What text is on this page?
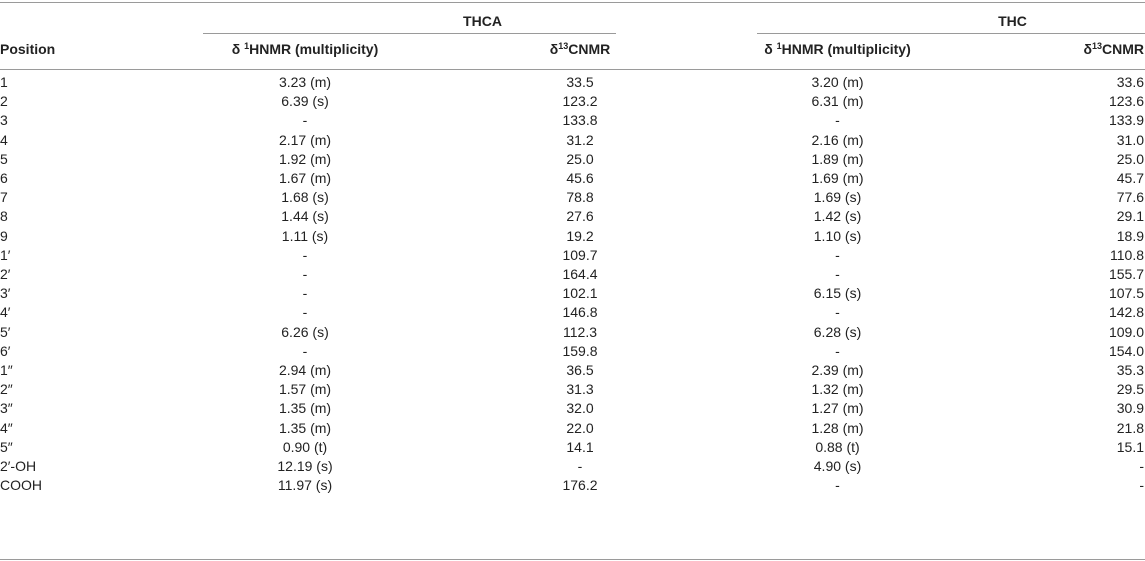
	THCA		THC	
Position	δ $^1$HNMR (multiplicity)	$\delta^{13}CNMR$	δ $^1$HNMR (multiplicity)	$\delta^{13}CNMR$

1	3.23 (m)	33.5	3.20 (m)	33.6
2	6.39 (s)	123.2	6.31 (m)	123.6
3	-	133.8	-	133.9
4	2.17 (m)	31.2	2.16 (m)	31.0
5	1.92 (m)	25.0	1.89 (m)	25.0
6	1.67 (m)	45.6	1.69 (m)	45.7
7	1.68 (s)	78.8	1.69 (s)	77.6
8	1.44 (s)	27.6	1.42 (s)	29.1
9	1.11 (s)	19.2	1.10 (s)	18.9
1′	-	109.7	-	110.8
2′	-	164.4	-	155.7
3′	-	102.1	6.15 (s)	107.5
4′	-	146.8	-	142.8
5′	6.26 (s)	112.3	6.28 (s)	109.0
6′	-	159.8	-	154.0
1″	2.94 (m)	36.5	2.39 (m)	35.3
2″	1.57 (m)	31.3	1.32 (m)	29.5
3″	1.35 (m)	32.0	1.27 (m)	30.9
4″	1.35 (m)	22.0	1.28 (m)	21.8
5″	0.90 (t)	14.1	0.88 (t)	15.1
2′-OH	12.19 (s)	-	4.90 (s)	-
COOH	11.97 (s)	176.2	-	-
